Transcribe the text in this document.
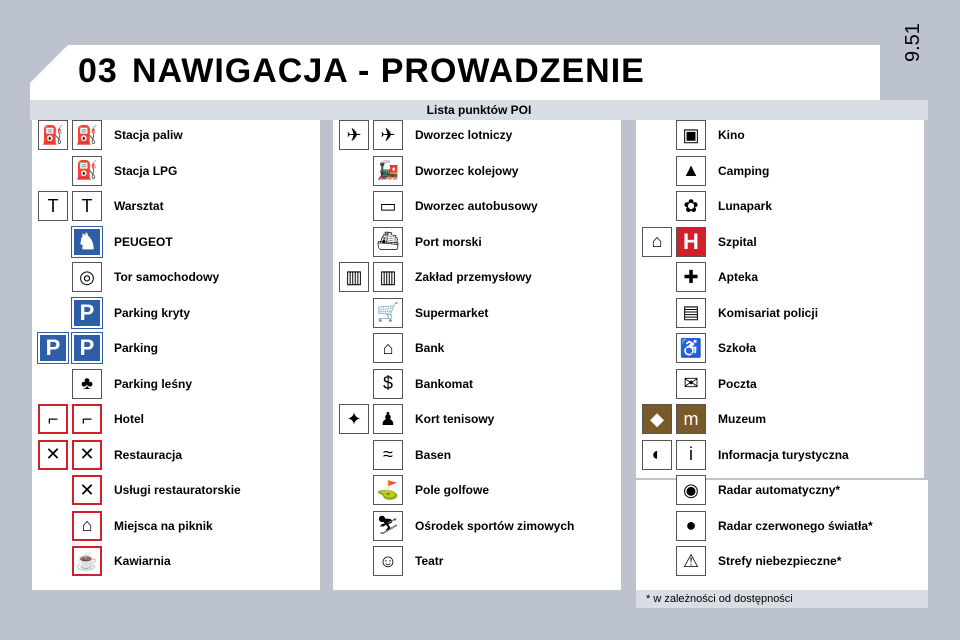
03 NAWIGACJA - PROWADZENIE
9.51
Lista punktów POI
* w zależności od dostępności
⛽ ⛽	Stacja paliw
⛽	Stacja LPG
T	T	Warsztat
♞	PEUGEOT
◎	Tor samochodowy
P	Parking kryty
P P	Parking
♣	Parking leśny
⌐	⌐	Hotel
✕	✕	Restauracja
✕	Usługi restauratorskie
⌂	Miejsca na piknik
☕	Kawiarnia
✈	✈	Dworzec lotniczy
🚂	Dworzec kolejowy
▭	Dworzec autobusowy
⛴ Port morski
▥ ▥	Zakład przemysłowy
🛒	Supermarket
⌂	Bank
$	Bankomat
✦	♟	Kort tenisowy
≈	Basen
⛳	Pole golfowe
⛷ Ośrodek sportów zimowych
☺	Teatr
▣	Kino
▲	Camping
✿	Lunapark
⌂ H	Szpital
✚	Apteka
▤	Komisariat policji
♿	Szkoła
✉	Poczta
◆	m	Muzeum
◐	i	Informacja turystyczna
◉	Radar automatyczny*
●	Radar czerwonego światła*
⚠	Strefy niebezpieczne*
